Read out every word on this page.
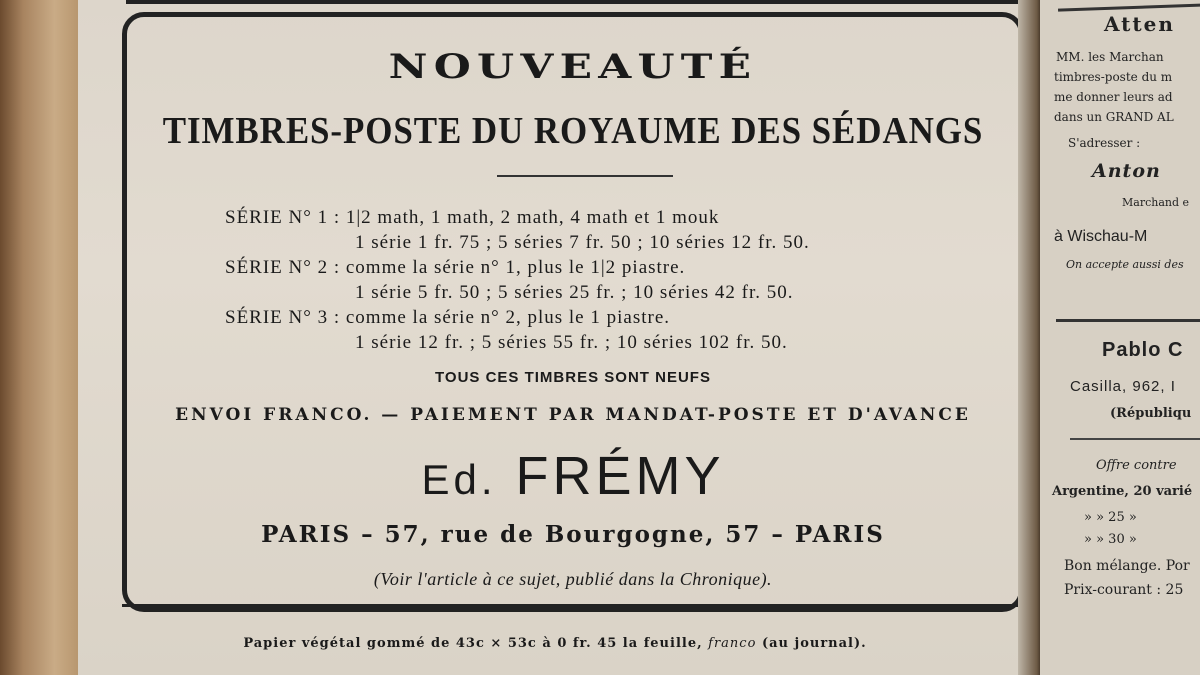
NOUVEAUTÉ
TIMBRES-POSTE DU ROYAUME DES SÉDANGS
SÉRIE N° 1 : 1|2 math, 1 math, 2 math, 4 math et 1 mouk
1 série 1 fr. 75 ; 5 séries 7 fr. 50 ; 10 séries 12 fr. 50.
SÉRIE N° 2 : comme la série n° 1, plus le 1|2 piastre.
1 série 5 fr. 50 ; 5 séries 25 fr. ; 10 séries 42 fr. 50.
SÉRIE N° 3 : comme la série n° 2, plus le 1 piastre.
1 série 12 fr. ; 5 séries 55 fr. ; 10 séries 102 fr. 50.
TOUS CES TIMBRES SONT NEUFS
ENVOI FRANCO. — PAIEMENT PAR MANDAT-POSTE ET D'AVANCE
Ed. FRÉMY
PARIS – 57, rue de Bourgogne, 57 – PARIS
(Voir l'article à ce sujet, publié dans la Chronique).
Papier végétal gommé de 43c × 53c à 0 fr. 45 la feuille, franco (au journal).
Atten
MM. les Marchan
timbres-poste du m
me donner leurs ad
dans un GRAND AL
S'adresser :
Anton
Marchand e
à Wischau-M
On accepte aussi des
Pablo C
Casilla, 962, I
(Républiqu
Offre contre
Argentine, 20 varié
» » 25 »
» » 30 »
Bon mélange. Por
Prix-courant : 25
